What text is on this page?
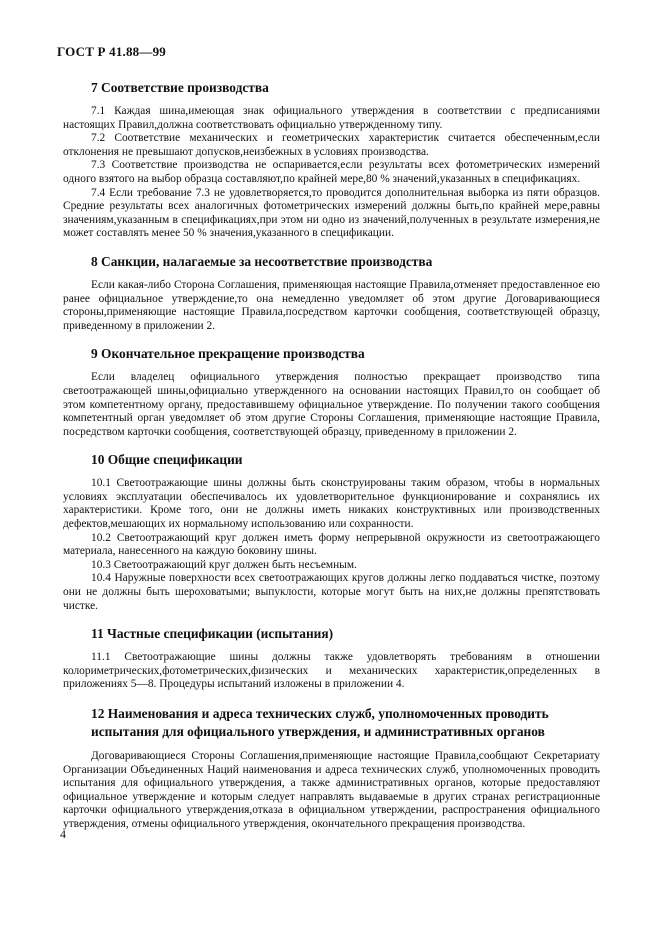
ГОСТ Р 41.88—99
7 Соответствие производства

7.1 Каждая шина,имеющая знак официального утверждения в соответствии с предписаниями настоящих Правил,должна соответствовать официально утвержденному типу.

7.2 Соответствие механических и геометрических характеристик считается обеспеченным,если отклонения не превышают допусков,неизбежных в условиях производства.

7.3 Соответствие производства не оспаривается,если результаты всех фотометрических измерений одного взятого на выбор образца составляют,по крайней мере,80 % значений,указанных в спецификациях.

7.4 Если требование 7.3 не удовлетворяется,то проводится дополнительная выборка из пяти образцов. Средние результаты всех аналогичных фотометрических измерений должны быть,по крайней мере,равны значениям,указанным в спецификациях,при этом ни одно из значений,полученных в результате измерения,не может составлять менее 50 % значения,указанного в спецификации.

8 Санкции, налагаемые за несоответствие производства

Если какая-либо Сторона Соглашения, применяющая настоящие Правила,отменяет предоставленное ею ранее официальное утверждение,то она немедленно уведомляет об этом другие Договаривающиеся стороны,применяющие настоящие Правила,посредством карточки сообщения, соответствующей образцу, приведенному в приложении 2.

9 Окончательное прекращение производства

Если владелец официального утверждения полностью прекращает производство типа светоотражающей шины,официально утвержденного на основании настоящих Правил,то он сообщает об этом компетентному органу, предоставившему официальное утверждение. По получении такого сообщения компетентный орган уведомляет об этом другие Стороны Соглашения, применяющие настоящие Правила, посредством карточки сообщения, соответствующей образцу, приведенному в приложении 2.

10 Общие спецификации

10.1 Светоотражающие шины должны быть сконструированы таким образом, чтобы в нормальных условиях эксплуатации обеспечивалось их удовлетворительное функционирование и сохранялись их характеристики. Кроме того, они не должны иметь никаких конструктивных или производственных дефектов,мешающих их нормальному использованию или сохранности.

10.2 Светоотражающий круг должен иметь форму непрерывной окружности из светоотражающего материала, нанесенного на каждую боковину шины.

10.3 Светоотражающий круг должен быть несъемным.

10.4 Наружные поверхности всех светоотражающих кругов должны легко поддаваться чистке, поэтому они не должны быть шероховатыми; выпуклости, которые могут быть на них,не должны препятствовать чистке.

11 Частные спецификации (испытания)

11.1 Светоотражающие шины должны также удовлетворять требованиям в отношении колориметрических,фотометрических,физических и механических характеристик,определенных в приложениях 5—8. Процедуры испытаний изложены в приложении 4.

12 Наименования и адреса технических служб, уполномоченных проводить испытания для официального утверждения, и административных органов

Договаривающиеся Стороны Соглашения,применяющие настоящие Правила,сообщают Секретариату Организации Объединенных Наций наименования и адреса технических служб, уполномоченных проводить испытания для официального утверждения, а также административных органов, которые предоставляют официальное утверждение и которым следует направлять выдаваемые в других странах регистрационные карточки официального утверждения,отказа в официальном утверждении, распространения официального утверждения, отмены официального утверждения, окончательного прекращения производства.

4
